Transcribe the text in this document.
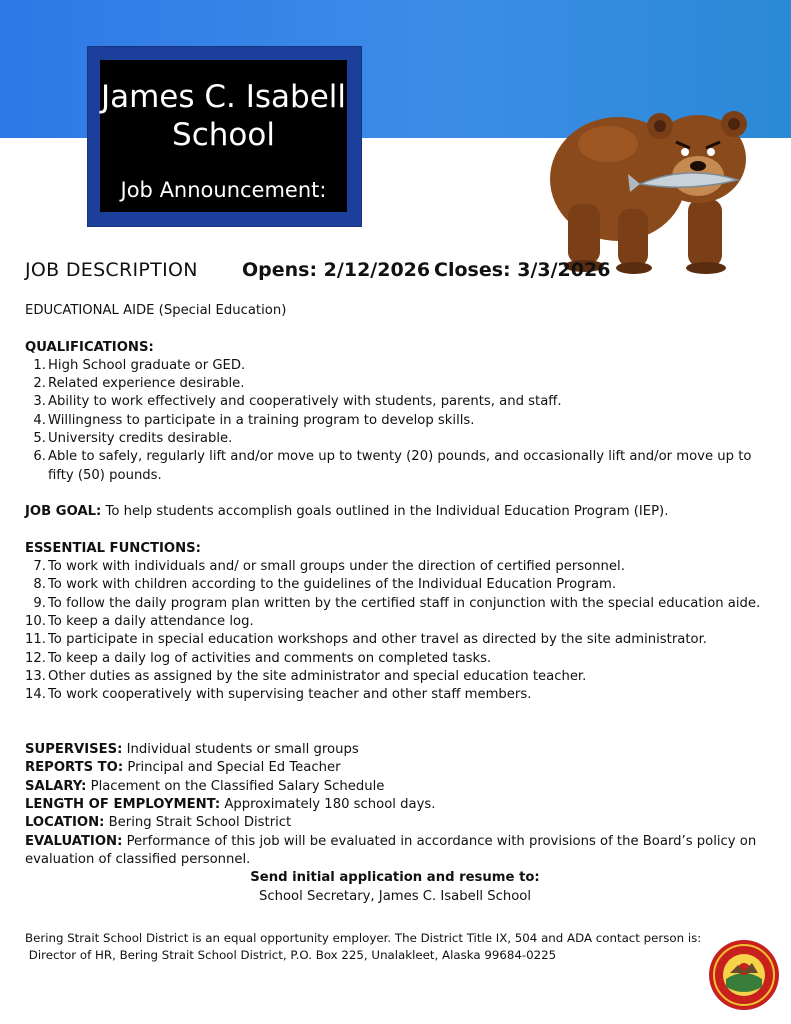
James C. Isabell School
Job Announcement:
JOB DESCRIPTION Opens: 2/12/2026 Closes: 3/3/2026

EDUCATIONAL AIDE (Special Education)

QUALIFICATIONS:

1. High School graduate or GED.
2. Related experience desirable.
3. Ability to work effectively and cooperatively with students, parents, and staff.
4. Willingness to participate in a training program to develop skills.
5. University credits desirable.
6. Able to safely, regularly lift and/or move up to twenty (20) pounds, and occasionally lift and/or move up to fifty (50) pounds.

JOB GOAL: To help students accomplish goals outlined in the Individual Education Program (IEP).

ESSENTIAL FUNCTIONS:

7. To work with individuals and/ or small groups under the direction of certified personnel.
8. To work with children according to the guidelines of the Individual Education Program.
9. To follow the daily program plan written by the certified staff in conjunction with the special education aide.
10. To keep a daily attendance log.
11. To participate in special education workshops and other travel as directed by the site administrator.
12. To keep a daily log of activities and comments on completed tasks.
13. Other duties as assigned by the site administrator and special education teacher.
14. To work cooperatively with supervising teacher and other staff members.

SUPERVISES: Individual students or small groups

REPORTS TO: Principal and Special Ed Teacher

SALARY: Placement on the Classified Salary Schedule

LENGTH OF EMPLOYMENT: Approximately 180 school days.

LOCATION: Bering Strait School District

EVALUATION: Performance of this job will be evaluated in accordance with provisions of the Board’s policy on evaluation of classified personnel.

Send initial application and resume to:

School Secretary, James C. Isabell School

Bering Strait School District is an equal opportunity employer. The District Title IX, 504 and ADA contact person is:

Director of HR, Bering Strait School District, P.O. Box 225, Unalakleet, Alaska 99684-0225
